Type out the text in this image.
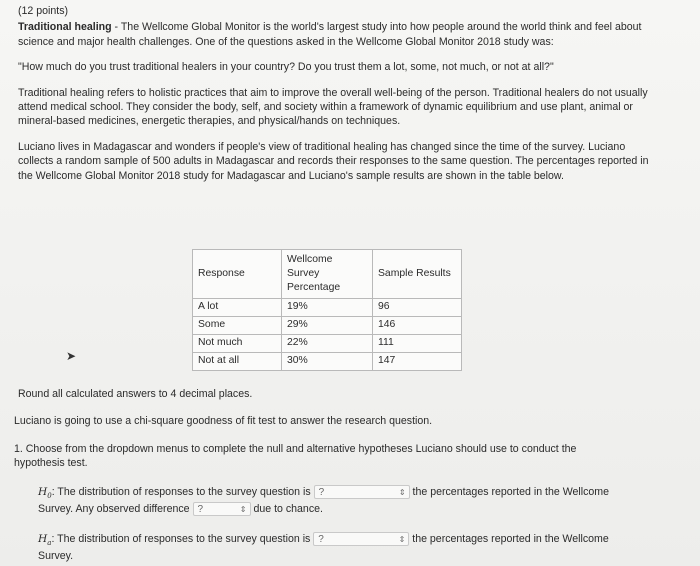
(12 points)

Traditional healing - The Wellcome Global Monitor is the world's largest study into how people around the world think and feel about science and major health challenges. One of the questions asked in the Wellcome Global Monitor 2018 study was:

"How much do you trust traditional healers in your country? Do you trust them a lot, some, not much, or not at all?"

Traditional healing refers to holistic practices that aim to improve the overall well-being of the person. Traditional healers do not usually attend medical school. They consider the body, self, and society within a framework of dynamic equilibrium and use plant, animal or mineral-based medicines, energetic therapies, and physical/hands on techniques.

Luciano lives in Madagascar and wonders if people's view of traditional healing has changed since the time of the survey. Luciano collects a random sample of 500 adults in Madagascar and records their responses to the same question. The percentages reported in the Wellcome Global Monitor 2018 study for Madagascar and Luciano's sample results are shown in the table below.

Response	Wellcome Survey Percentage	Sample Results
A lot	19%	96
Some	29%	146
Not much	22%	111
Not at all	30%	147
➤

Round all calculated answers to 4 decimal places.

Luciano is going to use a chi-square goodness of fit test to answer the research question.

1. Choose from the dropdown menus to complete the null and alternative hypotheses Luciano should use to conduct the hypothesis test.

$H_0$: The distribution of responses to the survey question is ?	⇕ the percentages reported in the Wellcome Survey. Any observed difference ?	⇕ due to chance.
$H_a$: The distribution of responses to the survey question is ?	⇕ the percentages reported in the Wellcome Survey.
